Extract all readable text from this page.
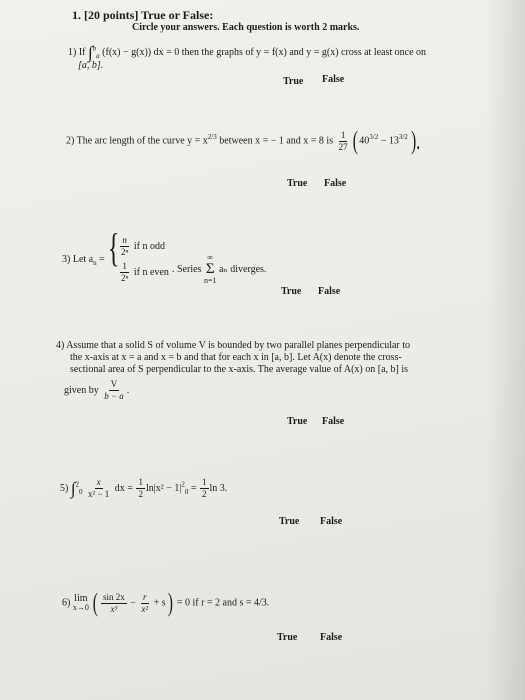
1. [20 points] True or False:
Circle your answers. Each question is worth 2 marks.
1) If ∫$^b_a$ (f(x) − g(x)) dx = 0 then the graphs of y = f(x) and y = g(x) cross at least once on
[a, b].
True False
2) The arc length of the curve $y = x^{2/3}$ between x = − 1 and x = 8 is $\frac{1}{27}$ ( $40^{3/2} - 13^{3/2}$ ).
True False
3) Let $a_n$ = { $\frac{n}{\text{2ⁿ}}$ if n odd
$\frac{1}{\text{2ⁿ}}$ if n even . Series
∞
Σ
n=1
aₙ diverges.
True False
4) Assume that a solid S of volume V is bounded by two parallel planes perpendicular to
the x-axis at x = a and x = b and that for each x in [a, b]. Let A(x) denote the cross-
sectional area of S perpendicular to the x-axis. The average value of A(x) on [a, b] is
given by $\frac{V}{b - a}$ .
True False
5) $\int^2_0 \frac{x}{\text{x² − 1}}$ dx = $\frac{1}{2} \ln|x^2 - 1|^2_0 = \frac{1}{2}$ ln 3.
True False
6) lim
x→0 ( $\frac{\sin 2x}{\text{x³}} - \frac{r}{\text{x²}} + s) = 0$ if r = 2 and s = 4/3.
True False
